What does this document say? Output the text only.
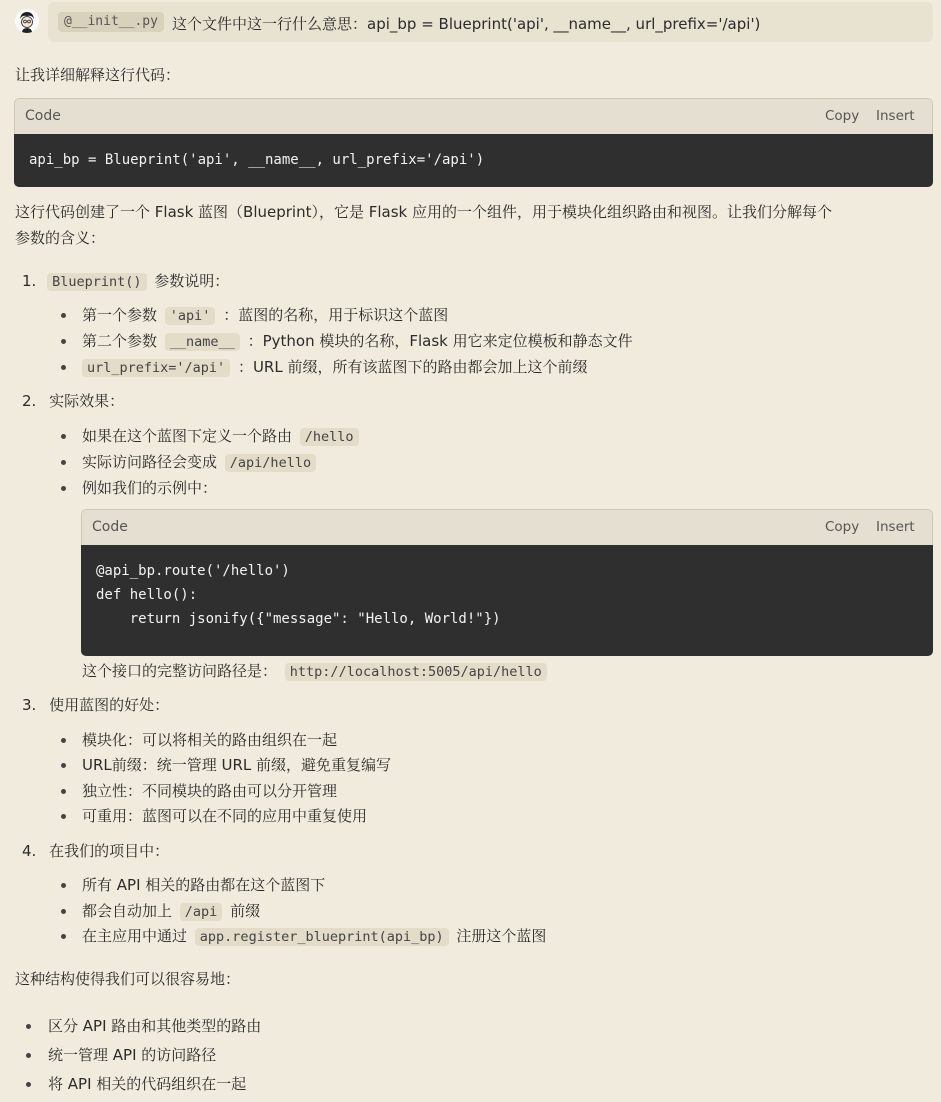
@__init__.py 这个文件中这一行什么意思：api_bp = Blueprint('api', __name__, url_prefix='/api')
让我详细解释这行代码：
Code	Copy Insert
api_bp = Blueprint('api', __name__, url_prefix='/api')
这行代码创建了一个 Flask 蓝图（Blueprint），它是 Flask 应用的一个组件，用于模块化组织路由和视图。让我们分解每个
参数的含义：
1. Blueprint() 参数说明：
第一个参数 'api' ：蓝图的名称，用于标识这个蓝图
第二个参数 __name__ ：Python 模块的名称，Flask 用它来定位模板和静态文件
url_prefix='/api' ：URL 前缀，所有该蓝图下的路由都会加上这个前缀
2. 实际效果：
如果在这个蓝图下定义一个路由 /hello
实际访问路径会变成 /api/hello
例如我们的示例中：
Code	Copy Insert
@api_bp.route('/hello')
def hello():
return jsonify({"message": "Hello, World!"})
这个接口的完整访问路径是： http://localhost:5005/api/hello
3. 使用蓝图的好处：
模块化：可以将相关的路由组织在一起
URL前缀：统一管理 URL 前缀，避免重复编写
独立性：不同模块的路由可以分开管理
可重用：蓝图可以在不同的应用中重复使用
4. 在我们的项目中：
所有 API 相关的路由都在这个蓝图下
都会自动加上 /api 前缀
在主应用中通过 app.register_blueprint(api_bp) 注册这个蓝图
这种结构使得我们可以很容易地：
区分 API 路由和其他类型的路由
统一管理 API 的访问路径
将 API 相关的代码组织在一起
